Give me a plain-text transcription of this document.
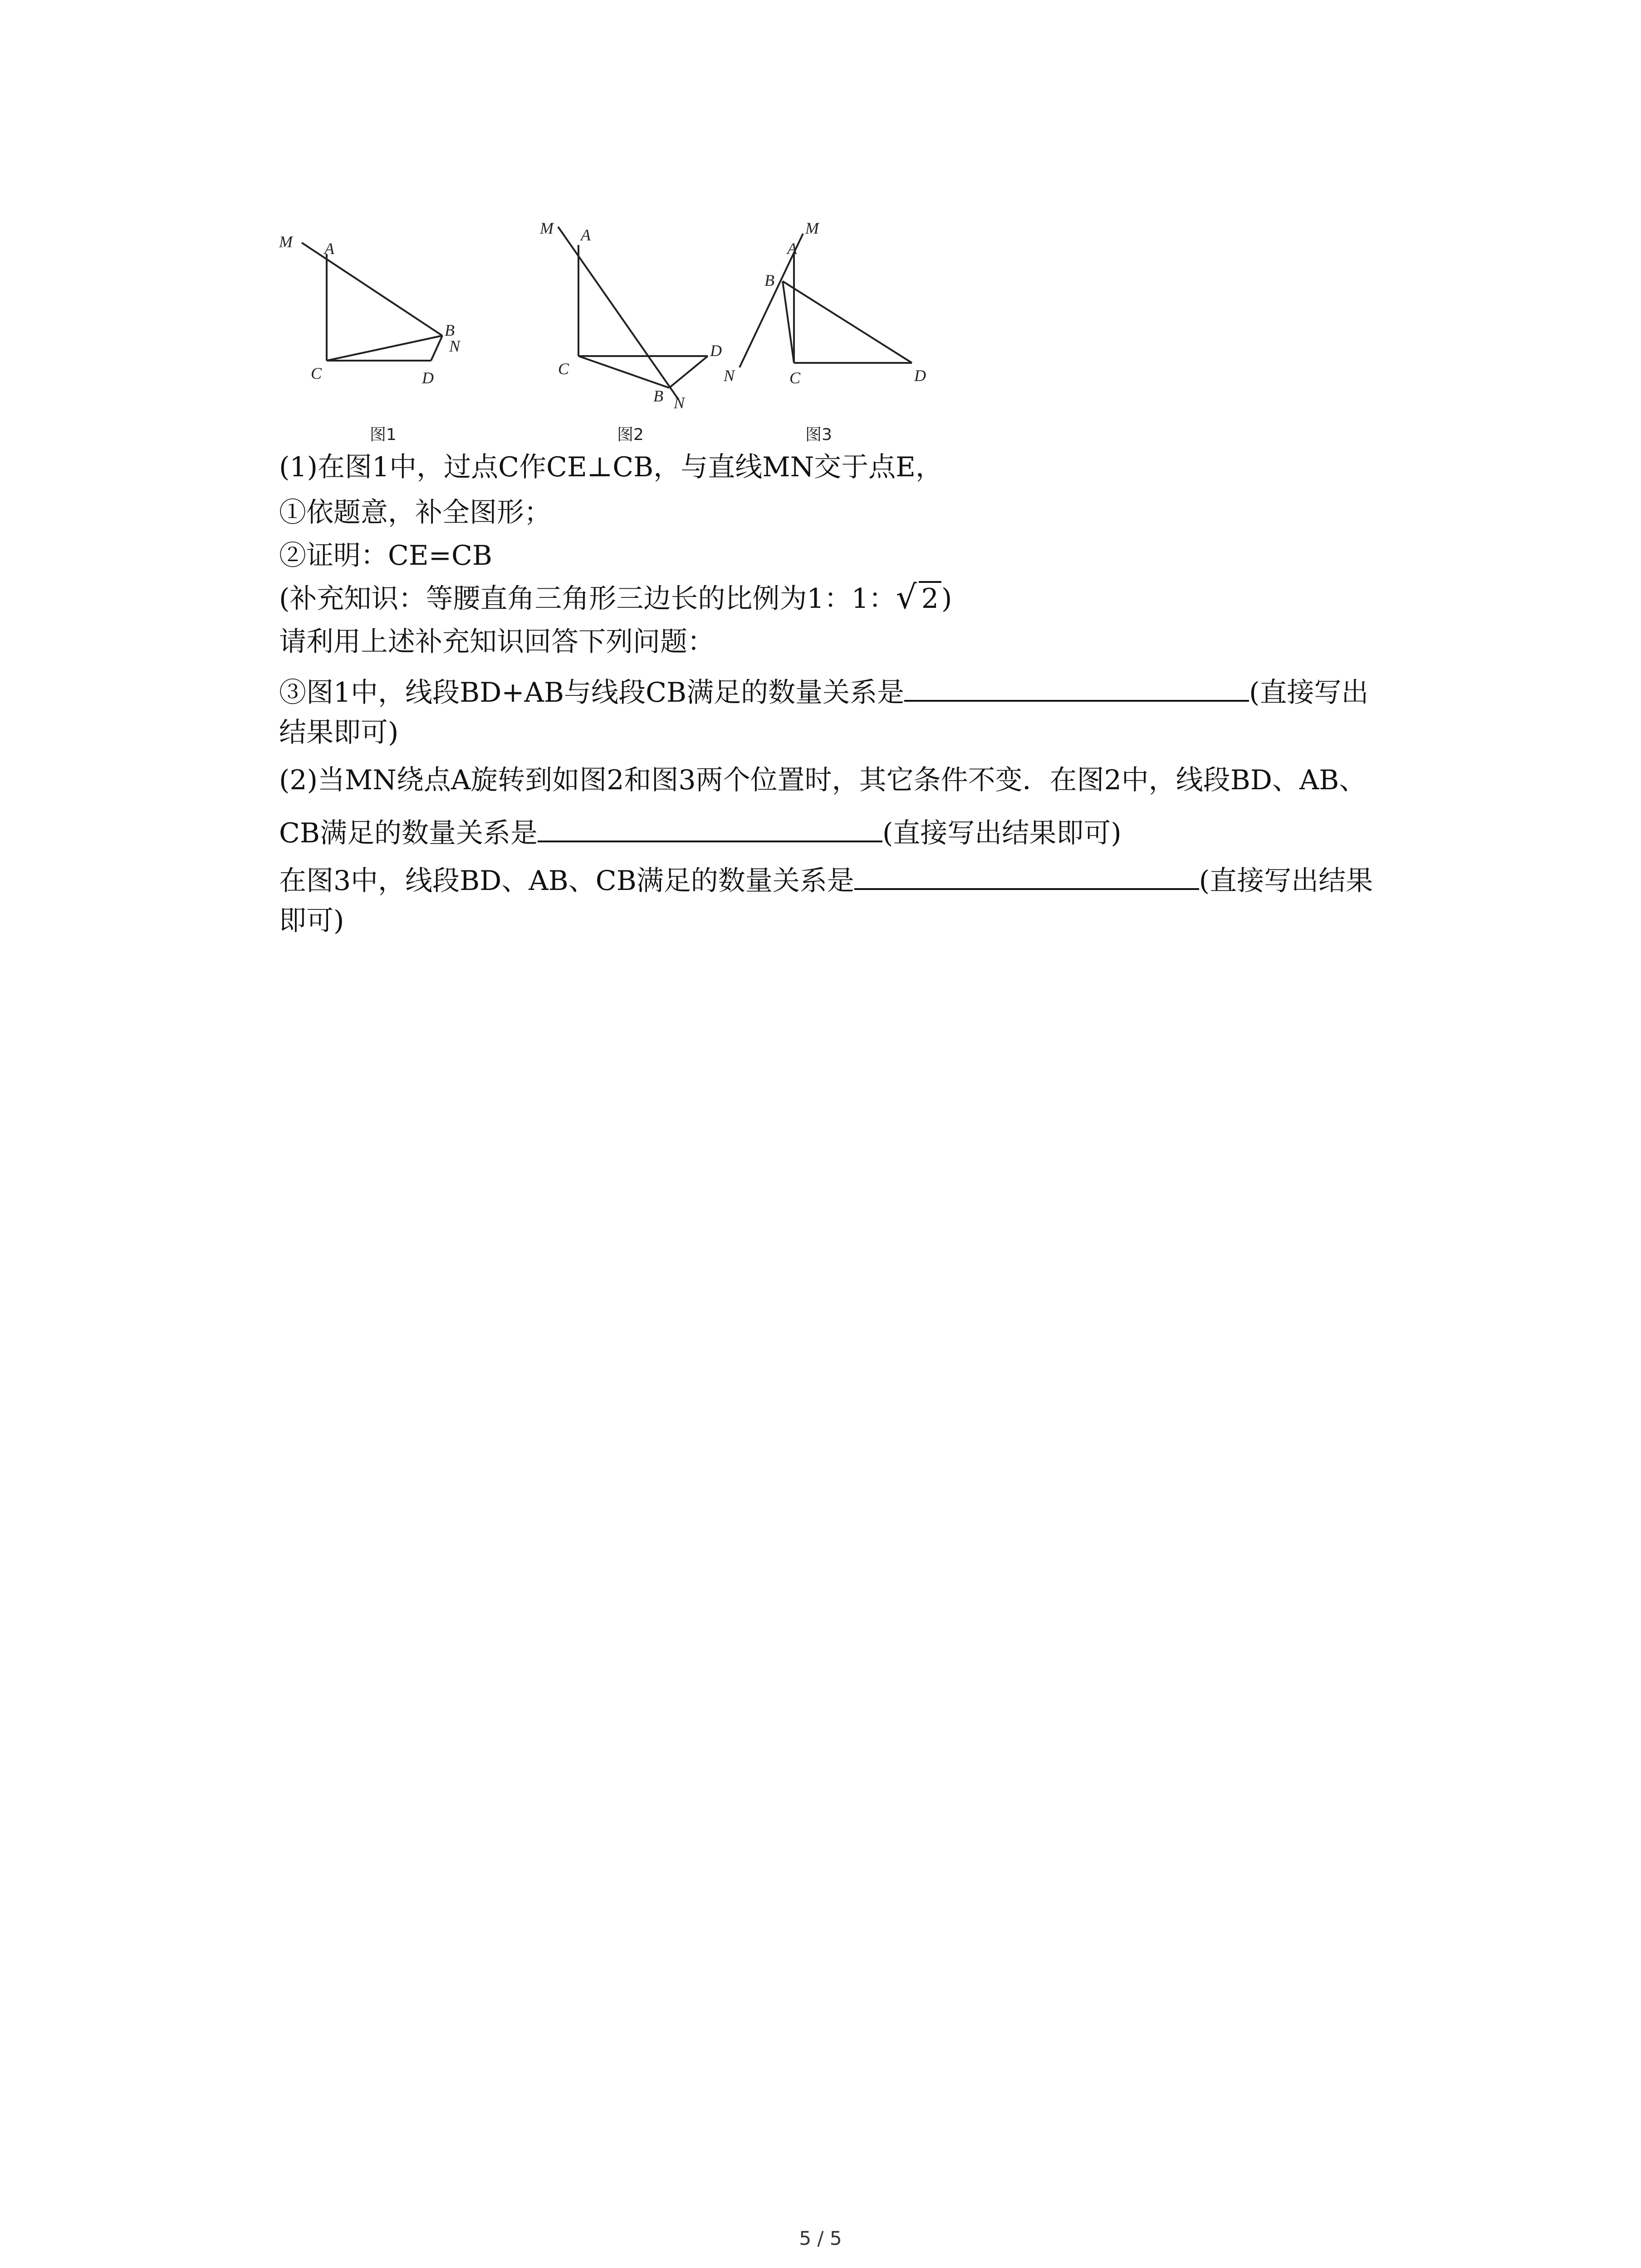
M A
B
N
C	D
图1
M A
B N
C
D
图2
M
A
B
N	C	D
图3
(1)在图1中，过点C作CE⊥CB，与直线MN交于点E，
①依题意，补全图形；
②证明：CE=CB
(补充知识：等腰直角三角形三边长的比例为1：1： √ 2 )
请利用上述补充知识回答下列问题：
③图1中，线段BD+AB与线段CB满足的数量关系是	(直接写出
结果即可)
(2)当MN绕点A旋转到如图2和图3两个位置时，其它条件不变．在图2中，线段BD、AB、
CB满足的数量关系是	(直接写出结果即可)
在图3中，线段BD、AB、CB满足的数量关系是	(直接写出结果
即可)
5 / 5
